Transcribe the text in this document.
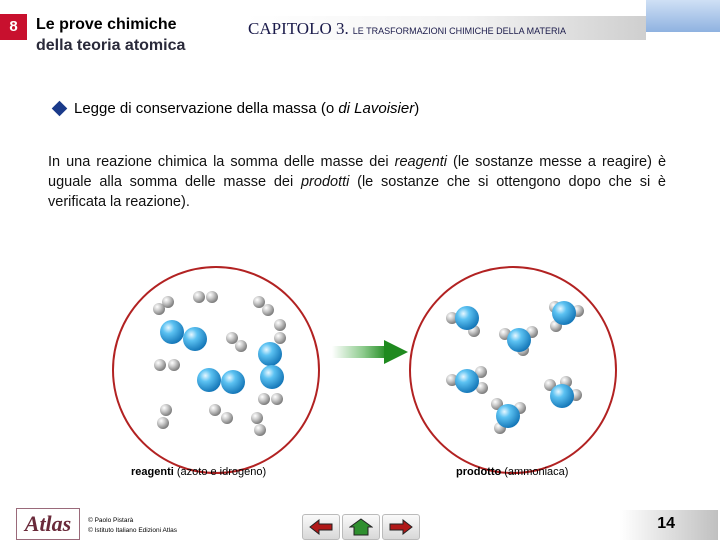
8	Le prove chimiche
della teoria atomica
CAPITOLO 3. LE TRASFORMAZIONI CHIMICHE DELLA MATERIA
Legge di conservazione della massa (o di Lavoisier)
In una reazione chimica la somma delle masse dei reagenti (le sostanze messe a reagire) è uguale alla somma delle masse dei prodotti (le sostanze che si ottengono dopo che si è verificata la reazione).
reagenti (azoto e idrogeno)	prodotto (ammoniaca)
Atlas	© Paolo Pistarà
© Istituto Italiano Edizioni Atlas	14
